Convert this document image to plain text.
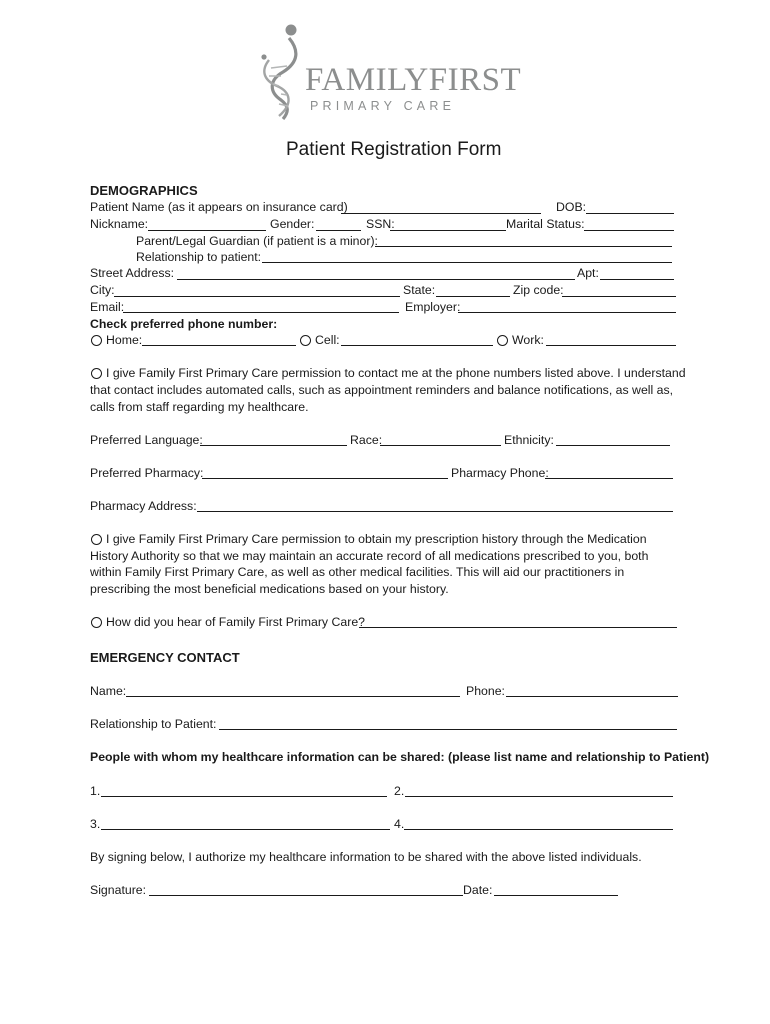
FAMILYFIRST
PRIMARY CARE
Patient Registration Form
DEMOGRAPHICS
Patient Name (as it appears on insurance card)	DOB:
Nickname:	Gender:	SSN:	Marital Status:
Parent/Legal Guardian (if patient is a minor):
Relationship to patient:
Street Address:	Apt:
City:	State:	Zip code:
Email:	Employer:
Check preferred phone number:
Home:	Cell:	Work:
I give Family First Primary Care permission to contact me at the phone numbers listed above. I understand
that contact includes automated calls, such as appointment reminders and balance notifications, as well as,
calls from staff regarding my healthcare.
Preferred Language:	Race:	Ethnicity:
Preferred Pharmacy:	Pharmacy Phone:
Pharmacy Address:
I give Family First Primary Care permission to obtain my prescription history through the Medication
History Authority so that we may maintain an accurate record of all medications prescribed to you, both
within Family First Primary Care, as well as other medical facilities. This will aid our practitioners in
prescribing the most beneficial medications based on your history.
How did you hear of Family First Primary Care?
EMERGENCY CONTACT
Name:	Phone:
Relationship to Patient:
People with whom my healthcare information can be shared: (please list name and relationship to Patient)
1.	2.
3.	4.
By signing below, I authorize my healthcare information to be shared with the above listed individuals.
Signature:	Date:
